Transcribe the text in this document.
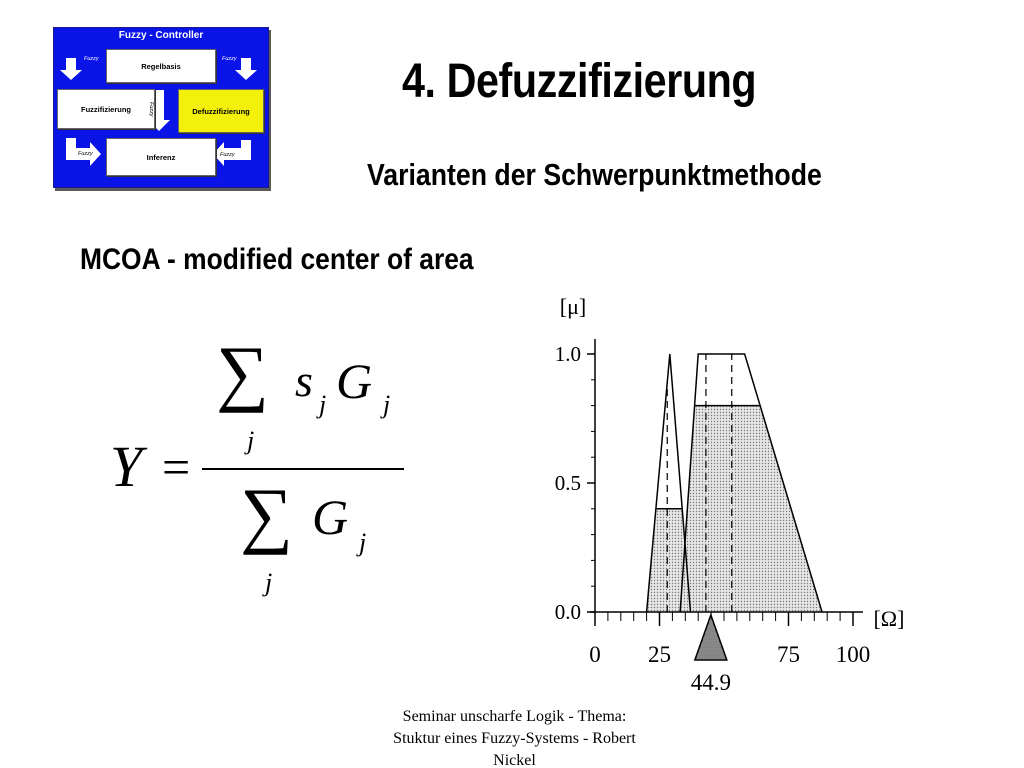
Fuzzy - Controller
Regelbasis
Fuzzifizierung	Defuzzifizierung
Inferenz
Fuzzy	Fuzzy
Fuzzy
Fuzzy	Fuzzy
4. Defuzzifizierung
Varianten der Schwerpunktmethode
MCOA - modified center of area
Y =
∑ s j G j
j
∑ G j
j
0.0
0.5
1.0
0 25	75 100
[μ]
[Ω]
44.9
Seminar unscharfe Logik - Thema:
Stuktur eines Fuzzy-Systems - Robert
Nickel
